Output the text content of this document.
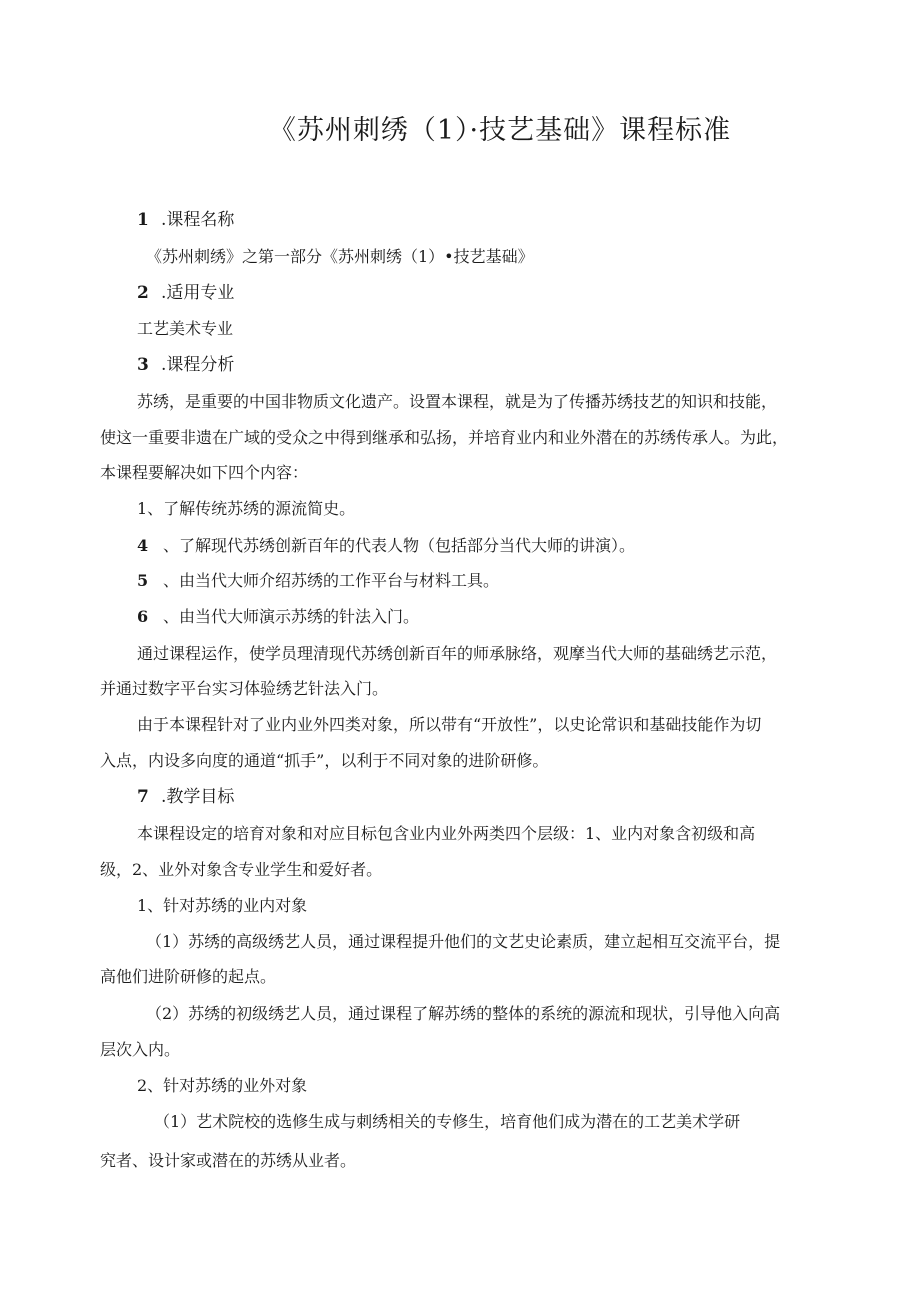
《苏州刺绣（1）·技艺基础》课程标准
1 .课程名称
《苏州刺绣》之第一部分《苏州刺绣（1）•技艺基础》
2 .适用专业
工艺美术专业
3 .课程分析
苏绣，是重要的中国非物质文化遗产。设置本课程，就是为了传播苏绣技艺的知识和技能，
使这一重要非遗在广域的受众之中得到继承和弘扬，并培育业内和业外潜在的苏绣传承人。为此，
本课程要解决如下四个内容：
1、了解传统苏绣的源流简史。
4 、了解现代苏绣创新百年的代表人物（包括部分当代大师的讲演）。
5 、由当代大师介绍苏绣的工作平台与材料工具。
6 、由当代大师演示苏绣的针法入门。
通过课程运作，使学员理清现代苏绣创新百年的师承脉络，观摩当代大师的基础绣艺示范，
并通过数字平台实习体验绣艺针法入门。
由于本课程针对了业内业外四类对象，所以带有“开放性”，以史论常识和基础技能作为切
入点，内设多向度的通道“抓手”，以利于不同对象的进阶研修。
7 .教学目标
本课程设定的培育对象和对应目标包含业内业外两类四个层级：1、业内对象含初级和高
级，2、业外对象含专业学生和爱好者。
1、针对苏绣的业内对象
（1）苏绣的高级绣艺人员，通过课程提升他们的文艺史论素质，建立起相互交流平台，提
高他们进阶研修的起点。
（2）苏绣的初级绣艺人员，通过课程了解苏绣的整体的系统的源流和现状，引导他入向高
层次入内。
2、针对苏绣的业外对象
（1）艺术院校的选修生成与刺绣相关的专修生，培育他们成为潜在的工艺美术学研
究者、设计家或潜在的苏绣从业者。
